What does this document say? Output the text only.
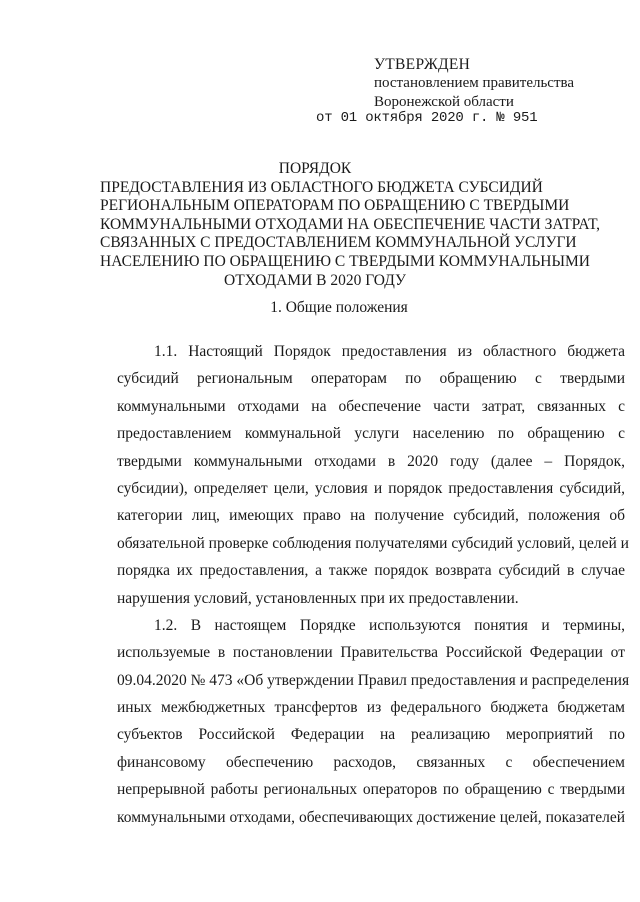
УТВЕРЖДЕН
постановлением правительства
Воронежской области
от 01 октября 2020 г. № 951
ПОРЯДОК
ПРЕДОСТАВЛЕНИЯ ИЗ ОБЛАСТНОГО БЮДЖЕТА СУБСИДИЙ
РЕГИОНАЛЬНЫМ ОПЕРАТОРАМ ПО ОБРАЩЕНИЮ С ТВЕРДЫМИ
КОММУНАЛЬНЫМИ ОТХОДАМИ НА ОБЕСПЕЧЕНИЕ ЧАСТИ ЗАТРАТ,
СВЯЗАННЫХ С ПРЕДОСТАВЛЕНИЕМ КОММУНАЛЬНОЙ УСЛУГИ
НАСЕЛЕНИЮ ПО ОБРАЩЕНИЮ С ТВЕРДЫМИ КОММУНАЛЬНЫМИ
ОТХОДАМИ В 2020 ГОДУ
1. Общие положения
1.1. Настоящий Порядок предоставления из областного бюджета
субсидий региональным операторам по обращению с твердыми
коммунальными отходами на обеспечение части затрат, связанных с
предоставлением коммунальной услуги населению по обращению с
твердыми коммунальными отходами в 2020 году (далее – Порядок,
субсидии), определяет цели, условия и порядок предоставления субсидий,
категории лиц, имеющих право на получение субсидий, положения об
обязательной проверке соблюдения получателями субсидий условий, целей и
порядка их предоставления, а также порядок возврата субсидий в случае
нарушения условий, установленных при их предоставлении.
1.2. В настоящем Порядке используются понятия и термины,
используемые в постановлении Правительства Российской Федерации от
09.04.2020 № 473 «Об утверждении Правил предоставления и распределения
иных межбюджетных трансфертов из федерального бюджета бюджетам
субъектов Российской Федерации на реализацию мероприятий по
финансовому обеспечению расходов, связанных с обеспечением
непрерывной работы региональных операторов по обращению с твердыми
коммунальными отходами, обеспечивающих достижение целей, показателей
